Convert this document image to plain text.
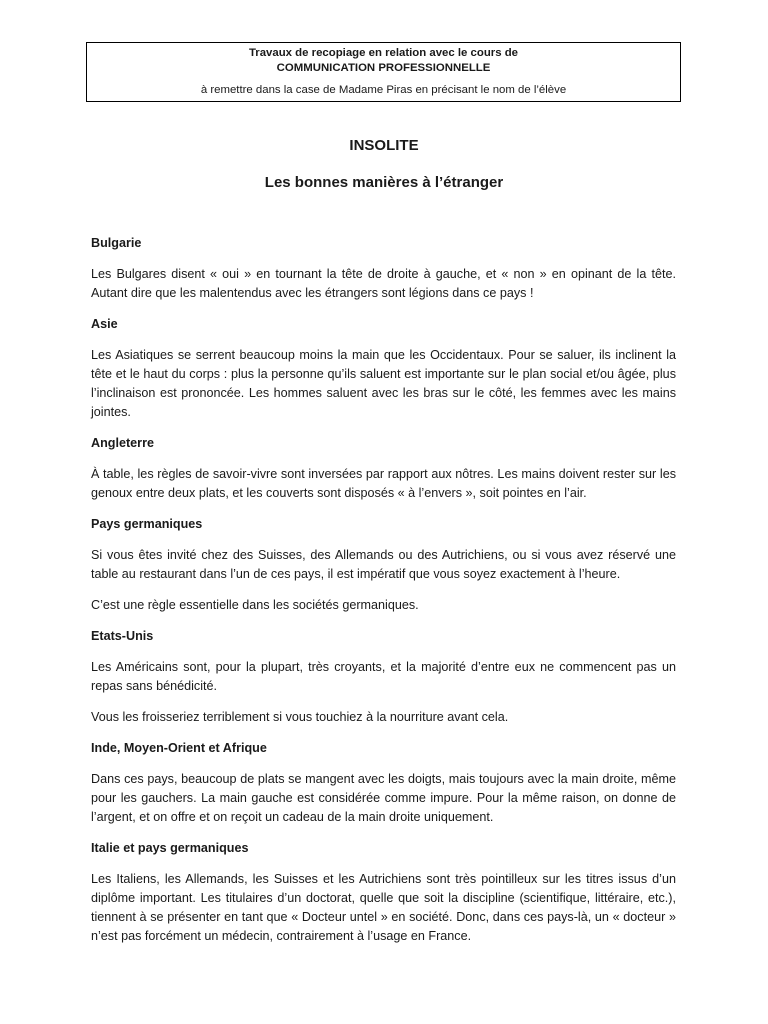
Travaux de recopiage en relation avec le cours de
COMMUNICATION PROFESSIONNELLE
à remettre dans la case de Madame Piras en précisant le nom de l’élève
INSOLITE
Les bonnes manières à l’étranger
Bulgarie

Les Bulgares disent « oui » en tournant la tête de droite à gauche, et « non » en opinant de la tête. Autant dire que les malentendus avec les étrangers sont légions dans ce pays !

Asie

Les Asiatiques se serrent beaucoup moins la main que les Occidentaux. Pour se saluer, ils inclinent la tête et le haut du corps : plus la personne qu’ils saluent est importante sur le plan social et/ou âgée, plus l’inclinaison est prononcée. Les hommes saluent avec les bras sur le côté, les femmes avec les mains jointes.

Angleterre

À table, les règles de savoir-vivre sont inversées par rapport aux nôtres. Les mains doivent rester sur les genoux entre deux plats, et les couverts sont disposés « à l’envers », soit pointes en l’air.

Pays germaniques

Si vous êtes invité chez des Suisses, des Allemands ou des Autrichiens, ou si vous avez réservé une table au restaurant dans l’un de ces pays, il est impératif que vous soyez exactement à l’heure.

C’est une règle essentielle dans les sociétés germaniques.

Etats-Unis

Les Américains sont, pour la plupart, très croyants, et la majorité d’entre eux ne commencent pas un repas sans bénédicité.

Vous les froisseriez terriblement si vous touchiez à la nourriture avant cela.

Inde, Moyen-Orient et Afrique

Dans ces pays, beaucoup de plats se mangent avec les doigts, mais toujours avec la main droite, même pour les gauchers. La main gauche est considérée comme impure. Pour la même raison, on donne de l’argent, et on offre et on reçoit un cadeau de la main droite uniquement.

Italie et pays germaniques

Les Italiens, les Allemands, les Suisses et les Autrichiens sont très pointilleux sur les titres issus d’un diplôme important. Les titulaires d’un doctorat, quelle que soit la discipline (scientifique, littéraire, etc.), tiennent à se présenter en tant que « Docteur untel » en société. Donc, dans ces pays-là, un « docteur » n’est pas forcément un médecin, contrairement à l’usage en France.
